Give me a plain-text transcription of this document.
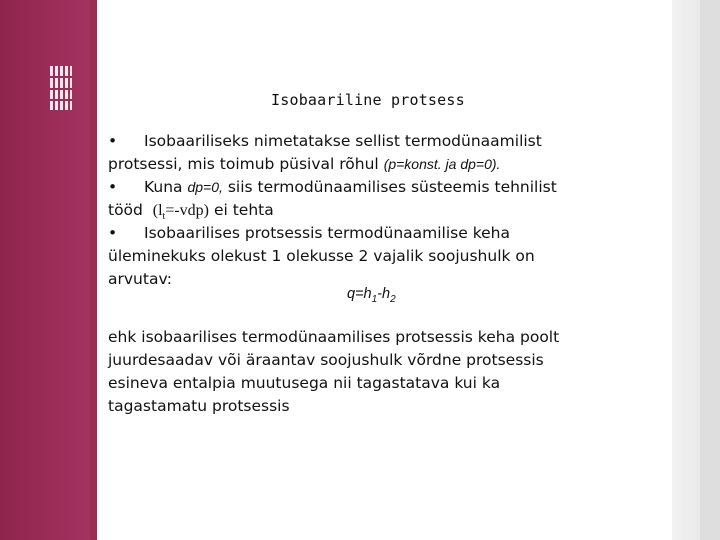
Isobaariline protsess
• Isobaariliseks nimetatakse sellist termodünaamilist
protsessi, mis toimub püsival rõhul (p=konst. ja dp=0).
• Kuna dp=0, siis termodünaamilises süsteemis tehnilist
tööd $(l_t=-vdp)$ ei tehta
• Isobaarilises protsessis termodünaamilise keha
üleminekuks olekust 1 olekusse 2 vajalik soojushulk on
arvutav:
$q=h_1-h_2$
ehk isobaarilises termodünaamilises protsessis keha poolt
juurdesaadav või äraantav soojushulk võrdne protsessis
esineva entalpia muutusega nii tagastatava kui ka
tagastamatu protsessis
